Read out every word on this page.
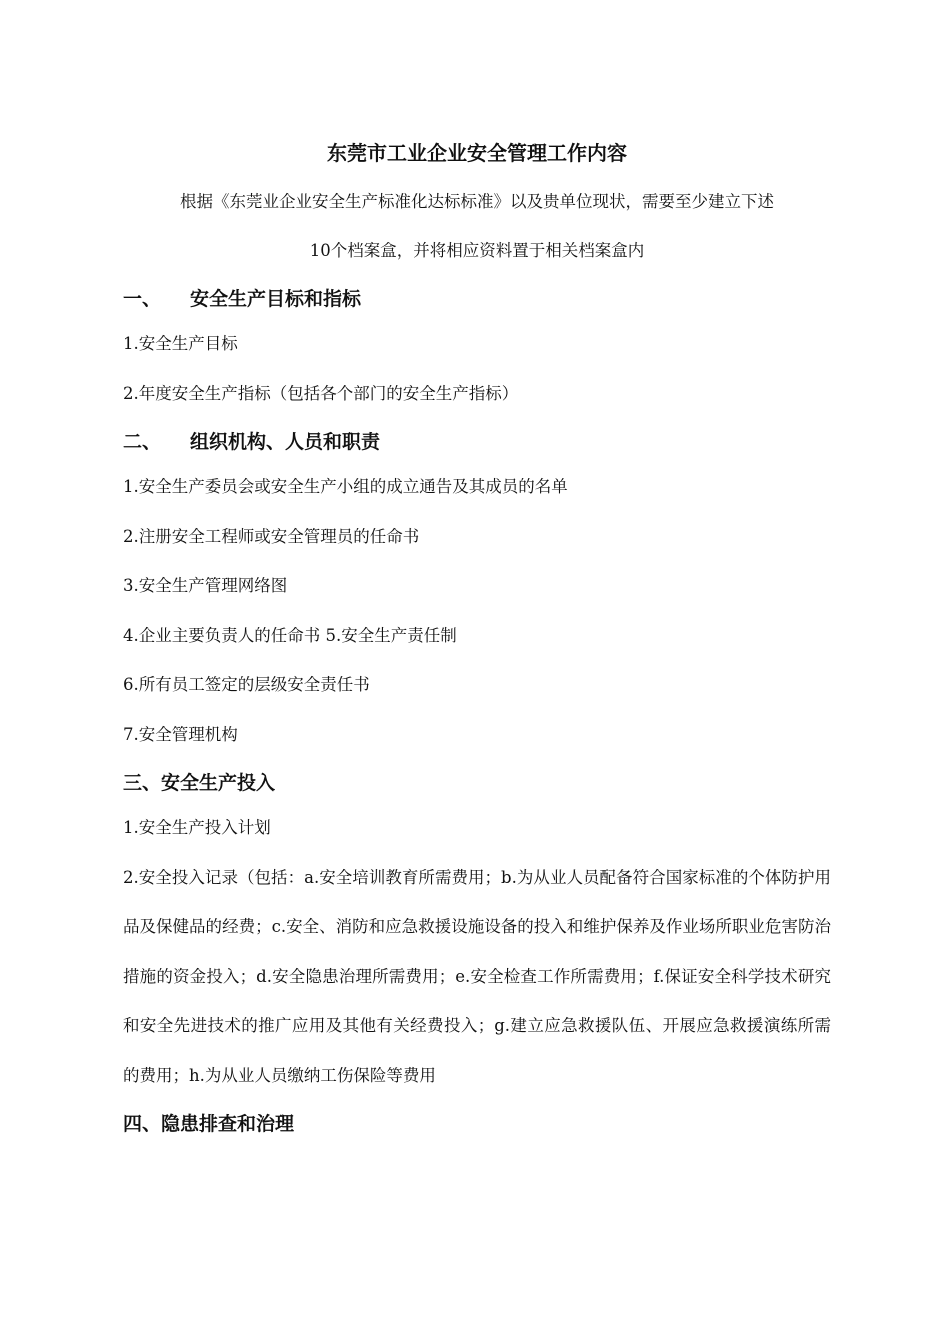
东莞市工业企业安全管理工作内容

根据《东莞业企业安全生产标准化达标标准》以及贵单位现状，需要至少建立下述

10个档案盒，并将相应资料置于相关档案盒内

一、 安全生产目标和指标

1.安全生产目标

2.年度安全生产指标（包括各个部门的安全生产指标）

二、 组织机构、人员和职责

1.安全生产委员会或安全生产小组的成立通告及其成员的名单

2.注册安全工程师或安全管理员的任命书

3.安全生产管理网络图

4.企业主要负责人的任命书 5.安全生产责任制

6.所有员工签定的层级安全责任书

7.安全管理机构

三、安全生产投入

1.安全生产投入计划

2.安全投入记录（包括：a.安全培训教育所需费用；b.为从业人员配备符合国家标准的个体防护用品及保健品的经费；c.安全、消防和应急救援设施设备的投入和维护保养及作业场所职业危害防治措施的资金投入；d.安全隐患治理所需费用；e.安全检查工作所需费用；f.保证安全科学技术研究和安全先进技术的推广应用及其他有关经费投入；g.建立应急救援队伍、开展应急救援演练所需的费用；h.为从业人员缴纳工伤保险等费用

四、隐患排查和治理
